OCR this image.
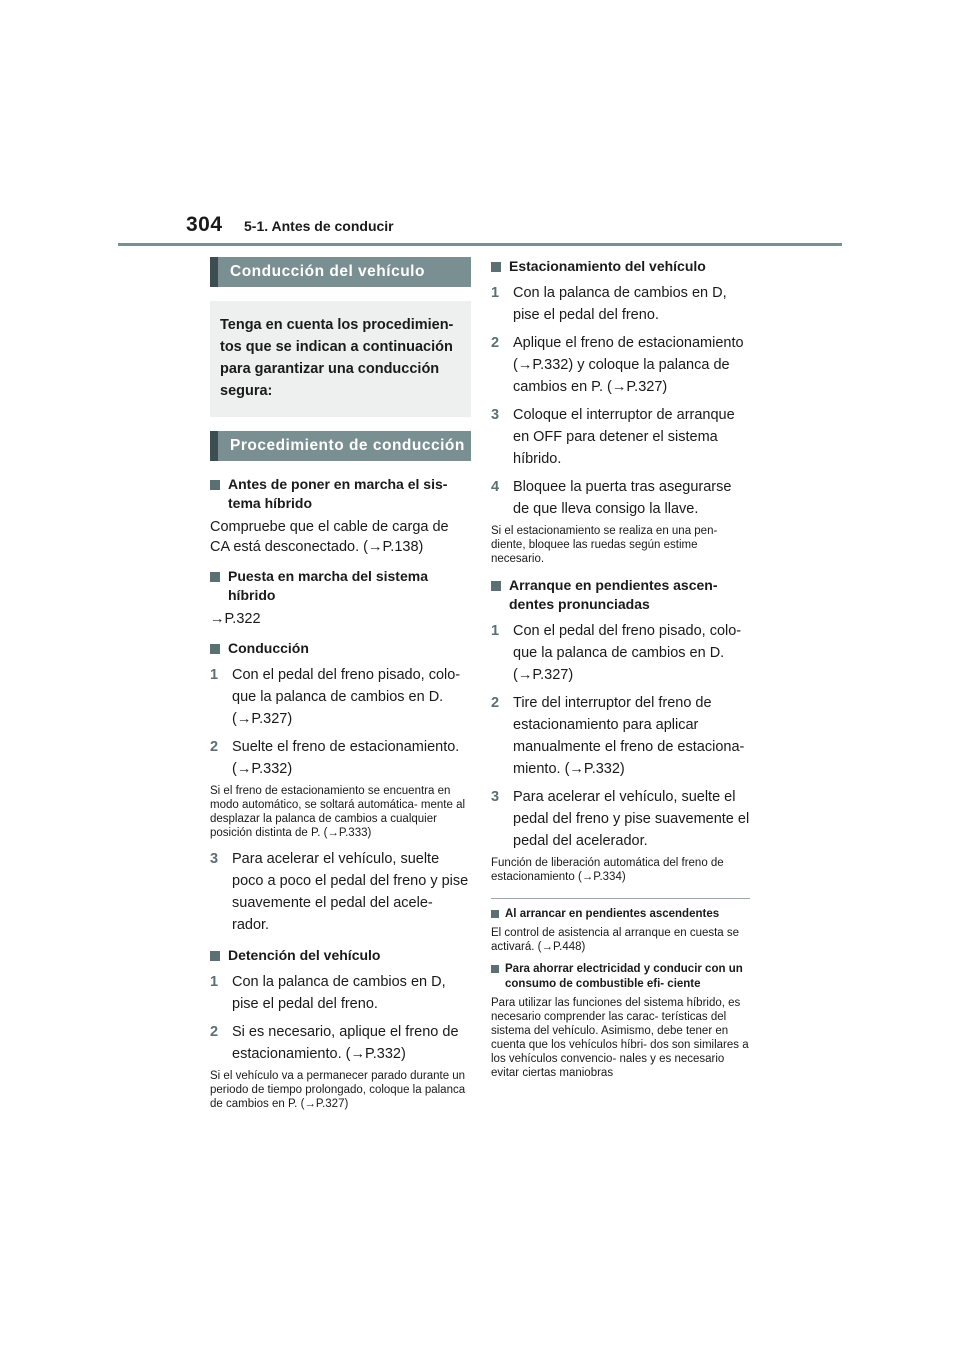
304 5-1. Antes de conducir
Conducción del vehículo
Tenga en cuenta los procedimien- tos que se indican a continuación para garantizar una conducción segura:
Procedimiento de conducción
Antes de poner en marcha el sis- tema híbrido
Compruebe que el cable de carga de CA está desconectado. (→P.138)
Puesta en marcha del sistema híbrido
→P.322
Conducción
1 Con el pedal del freno pisado, colo- que la palanca de cambios en D. (→P.327)
2 Suelte el freno de estacionamiento. (→P.332)
Si el freno de estacionamiento se encuentra en modo automático, se soltará automática- mente al desplazar la palanca de cambios a cualquier posición distinta de P. (→P.333)
3 Para acelerar el vehículo, suelte poco a poco el pedal del freno y pise suavemente el pedal del acele- rador.
Detención del vehículo
1 Con la palanca de cambios en D, pise el pedal del freno.
2 Si es necesario, aplique el freno de estacionamiento. (→P.332)
Si el vehículo va a permanecer parado durante un periodo de tiempo prolongado, coloque la palanca de cambios en P. (→P.327)
Estacionamiento del vehículo
1 Con la palanca de cambios en D, pise el pedal del freno.
2 Aplique el freno de estacionamiento (→P.332) y coloque la palanca de cambios en P. (→P.327)
3 Coloque el interruptor de arranque en OFF para detener el sistema híbrido.
4 Bloquee la puerta tras asegurarse de que lleva consigo la llave.
Si el estacionamiento se realiza en una pen- diente, bloquee las ruedas según estime necesario.
Arranque en pendientes ascen- dentes pronunciadas
1 Con el pedal del freno pisado, colo- que la palanca de cambios en D. (→P.327)
2 Tire del interruptor del freno de estacionamiento para aplicar manualmente el freno de estaciona- miento. (→P.332)
3 Para acelerar el vehículo, suelte el pedal del freno y pise suavemente el pedal del acelerador.
Función de liberación automática del freno de estacionamiento (→P.334)
Al arrancar en pendientes ascendentes
El control de asistencia al arranque en cuesta se activará. (→P.448)
Para ahorrar electricidad y conducir con un consumo de combustible efi- ciente
Para utilizar las funciones del sistema híbrido, es necesario comprender las carac- terísticas del sistema del vehículo. Asimismo, debe tener en cuenta que los vehículos híbri- dos son similares a los vehículos convencio- nales y es necesario evitar ciertas maniobras
